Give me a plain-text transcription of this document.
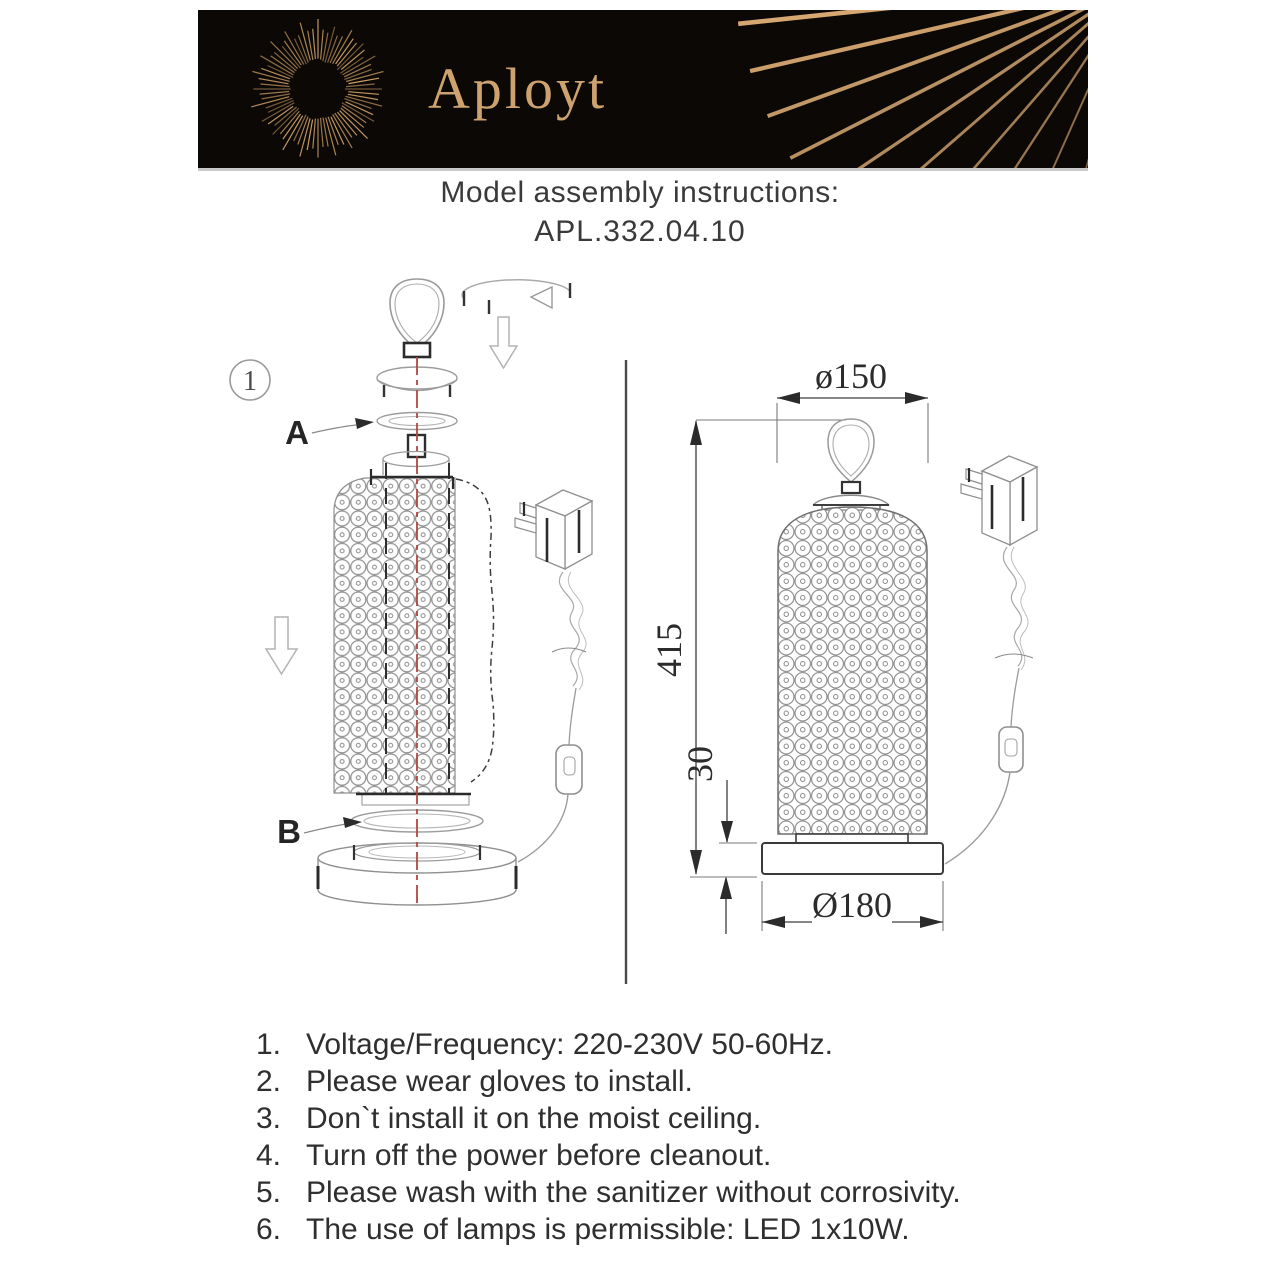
Aployt
Model assembly instructions:
APL.332.04.10
1
A
B
ø150
415
30
Ø180
1. Voltage/Frequency: 220-230V 50-60Hz.
2. Please wear gloves to install.
3. Don`t install it on the moist ceiling.
4. Turn off the power before cleanout.
5. Please wash with the sanitizer without corrosivity.
6. The use of lamps is permissible: LED 1x10W.
